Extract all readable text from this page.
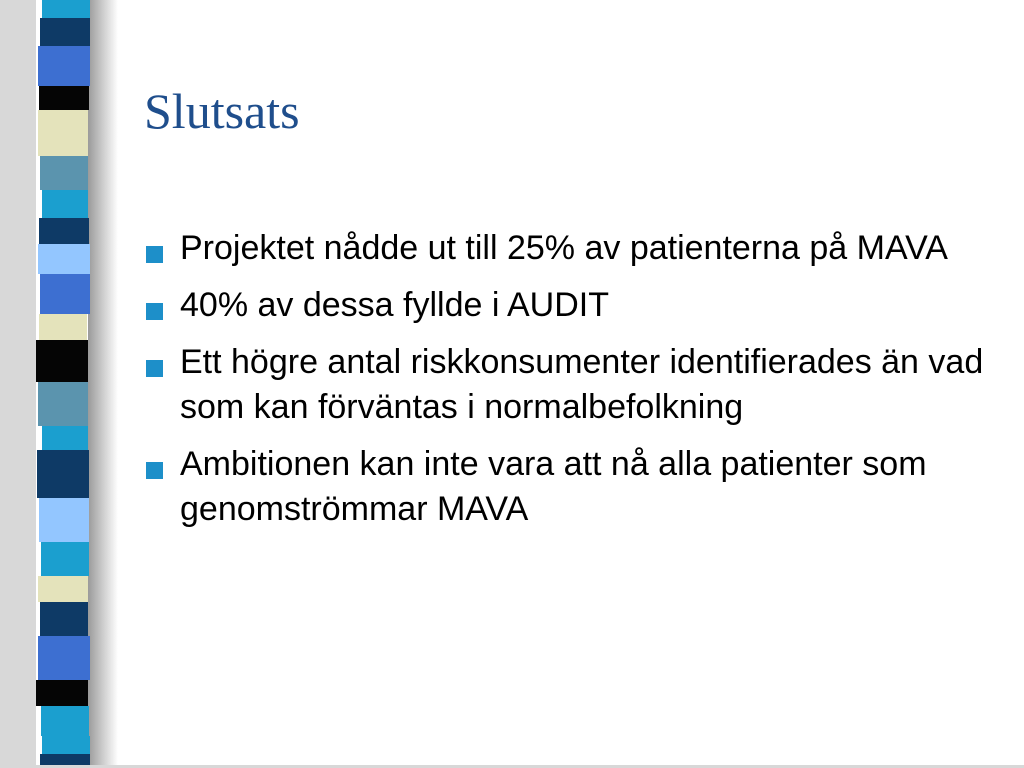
Slutsats
Projektet nådde ut till 25% av patienterna på MAVA
40% av dessa fyllde i AUDIT
Ett högre antal riskkonsumenter identifierades än vad som kan förväntas i normalbefolkning
Ambitionen kan inte vara att nå alla patienter som genomströmmar MAVA
